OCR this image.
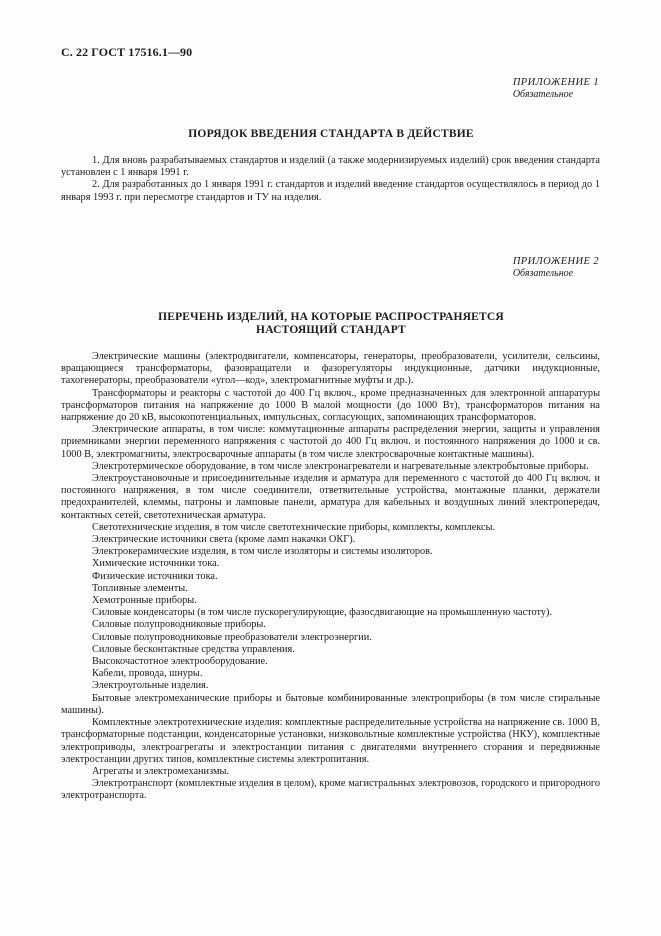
С. 22 ГОСТ 17516.1—90
ПРИЛОЖЕНИЕ 1
Обязательное
ПОРЯДОК ВВЕДЕНИЯ СТАНДАРТА В ДЕЙСТВИЕ

1. Для вновь разрабатываемых стандартов и изделий (а также модернизируемых изделий) срок введения стандарта установлен с 1 января 1991 г.

2. Для разработанных до 1 января 1991 г. стандартов и изделий введение стандартов осуществлялось в период до 1 января 1993 г. при пересмотре стандартов и ТУ на изделия.

ПРИЛОЖЕНИЕ 2
Обязательное
ПЕРЕЧЕНЬ ИЗДЕЛИЙ, НА КОТОРЫЕ РАСПРОСТРАНЯЕТСЯ
НАСТОЯЩИЙ СТАНДАРТ

Электрические машины (электродвигатели, компенсаторы, генераторы, преобразователи, усилители, сельсины, вращающиеся трансформаторы, фазовращатели и фазорегуляторы индукционные, датчики индукционные, тахогенераторы, преобразователи «угол—код», электромагнитные муфты и др.).

Трансформаторы и реакторы с частотой до 400 Гц включ., кроме предназначенных для электронной аппаратуры трансформаторов питания на напряжение до 1000 В малой мощности (до 1000 Вт), трансформаторов питания на напряжение до 20 кВ, высокопотенциальных, импульсных, согласующих, запоминающих трансформаторов.

Электрические аппараты, в том числе: коммутационные аппараты распределения энергии, защиты и управления приемниками энергии переменного напряжения с частотой до 400 Гц включ. и постоянного напряжения до 1000 и св. 1000 В, электромагниты, электросварочные аппараты (в том числе электросварочные контактные машины).

Электротермическое оборудование, в том числе электронагреватели и нагревательные электробытовые приборы.

Электроустановочные и присоединительные изделия и арматура для переменного с частотой до 400 Гц включ. и постоянного напряжения, в том числе соединители, ответвительные устройства, монтажные планки, держатели предохранителей, клеммы, патроны и ламповые панели, арматура для кабельных и воздушных линий электропередач, контактных сетей, светотехническая арматура.

Светотехнические изделия, в том числе светотехнические приборы, комплекты, комплексы.

Электрические источники света (кроме ламп накачки ОКГ).

Электрокерамические изделия, в том числе изоляторы и системы изоляторов.

Химические источники тока.

Физические источники тока.

Топливные элементы.

Хемотронные приборы.

Силовые конденсаторы (в том числе пускорегулирующие, фазосдвигающие на промышленную частоту).

Силовые полупроводниковые приборы.

Силовые полупроводниковые преобразователи электроэнергии.

Силовые бесконтактные средства управления.

Высокочастотное электрооборудование.

Кабели, провода, шнуры.

Электроугольные изделия.

Бытовые электромеханические приборы и бытовые комбинированные электроприборы (в том числе стиральные машины).

Комплектные электротехнические изделия: комплектные распределительные устройства на напряжение св. 1000 В, трансформаторные подстанции, конденсаторные установки, низковольтные комплектные устройства (НКУ), комплектные электроприводы, электроагрегаты и электростанции питания с двигателями внутреннего сгорания и передвижные электростанции других типов, комплектные системы электропитания.

Агрегаты и электромеханизмы.

Электротранспорт (комплектные изделия в целом), кроме магистральных электровозов, городского и пригородного электротранспорта.
